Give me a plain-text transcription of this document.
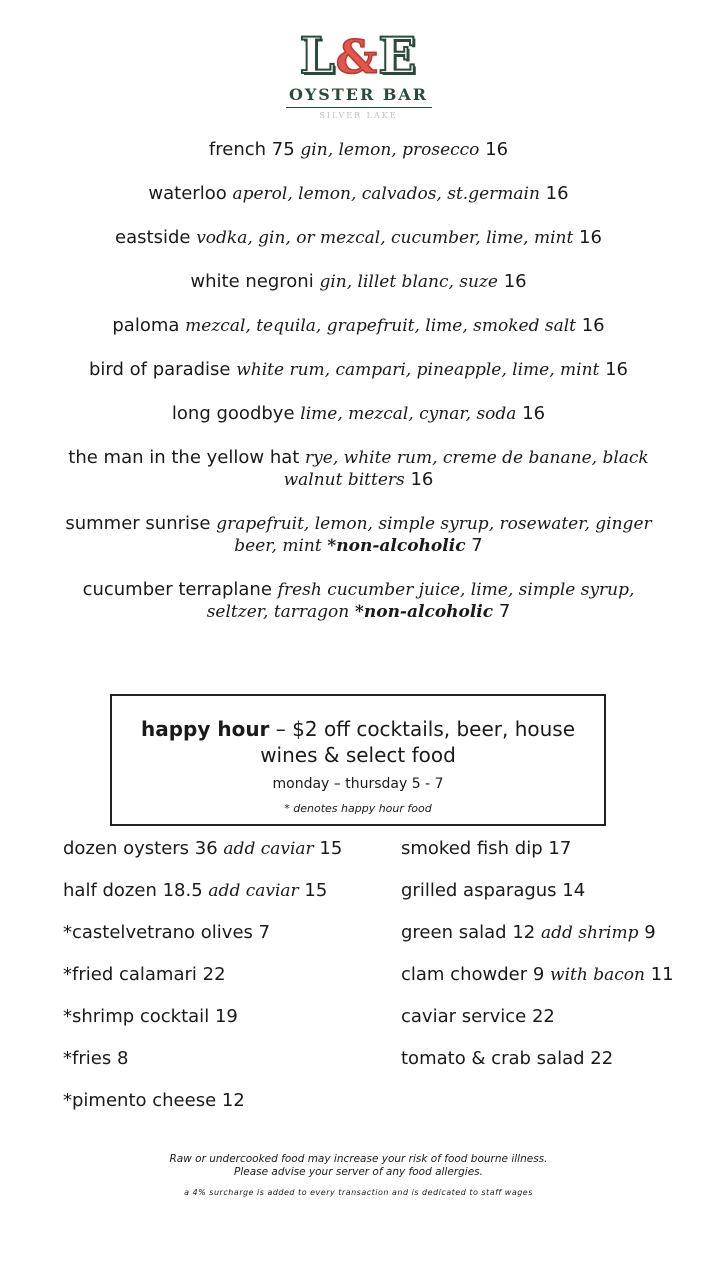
L&E
OYSTER BAR
SILVER LAKE
french 75 gin, lemon, prosecco 16
waterloo aperol, lemon, calvados, st.germain 16
eastside vodka, gin, or mezcal, cucumber, lime, mint 16
white negroni gin, lillet blanc, suze 16
paloma mezcal, tequila, grapefruit, lime, smoked salt 16
bird of paradise white rum, campari, pineapple, lime, mint 16
long goodbye lime, mezcal, cynar, soda 16
the man in the yellow hat rye, white rum, creme de banane, black walnut bitters 16
summer sunrise grapefruit, lemon, simple syrup, rosewater, ginger beer, mint *non-alcoholic 7
cucumber terraplane fresh cucumber juice, lime, simple syrup, seltzer, tarragon *non-alcoholic 7
happy hour – $2 off cocktails, beer, house wines & select food
monday – thursday 5 - 7
* denotes happy hour food
dozen oysters 36 add caviar 15
half dozen 18.5 add caviar 15
*castelvetrano olives 7
*fried calamari 22
*shrimp cocktail 19
*fries 8
*pimento cheese 12
smoked fish dip 17
grilled asparagus 14
green salad 12 add shrimp 9
clam chowder 9 with bacon 11
caviar service 22
tomato & crab salad 22
Raw or undercooked food may increase your risk of food bourne illness.
Please advise your server of any food allergies.
a 4% surcharge is added to every transaction and is dedicated to staff wages
